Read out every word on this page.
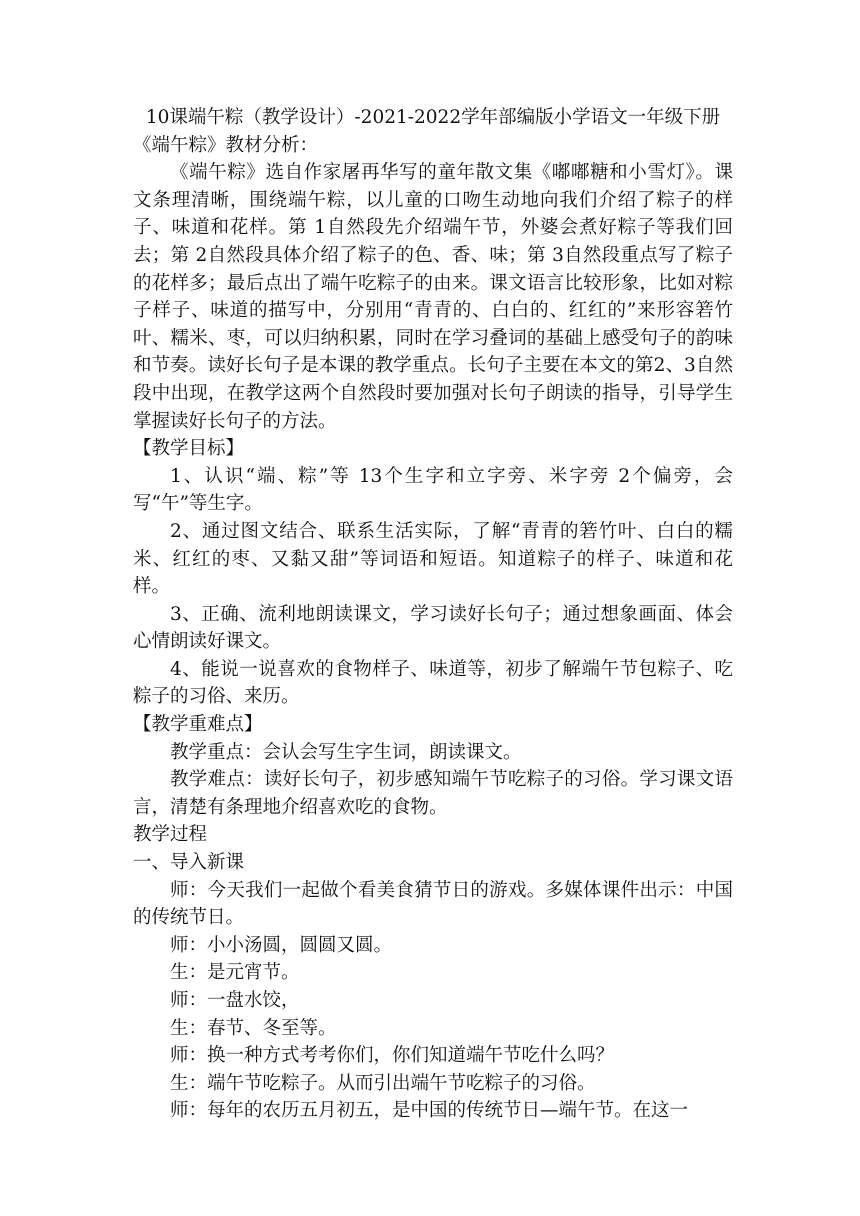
10课端午粽（教学设计）-2021-2022学年部编版小学语文一年级下册

《端午粽》教材分析：

《端午粽》选自作家屠再华写的童年散文集《嘟嘟糖和小雪灯》。课文条理清晰，围绕端午粽，以儿童的口吻生动地向我们介绍了粽子的样子、味道和花样。第 1自然段先介绍端午节，外婆会煮好粽子等我们回去；第 2自然段具体介绍了粽子的色、香、味；第 3自然段重点写了粽子的花样多；最后点出了端午吃粽子的由来。课文语言比较形象，比如对粽子样子、味道的描写中，分别用“青青的、白白的、红红的”来形容箬竹叶、糯米、枣，可以归纳积累，同时在学习叠词的基础上感受句子的韵味和节奏。读好长句子是本课的教学重点。长句子主要在本文的第2、3自然段中出现，在教学这两个自然段时要加强对长句子朗读的指导，引导学生掌握读好长句子的方法。

【教学目标】

1、认识“端、粽”等 13个生字和立字旁、米字旁 2个偏旁，会写“午”等生字。

2、通过图文结合、联系生活实际，了解“青青的箬竹叶、白白的糯米、红红的枣、又黏又甜”等词语和短语。知道粽子的样子、味道和花样。

3、正确、流利地朗读课文，学习读好长句子；通过想象画面、体会心情朗读好课文。

4、能说一说喜欢的食物样子、味道等，初步了解端午节包粽子、吃粽子的习俗、来历。

【教学重难点】

教学重点：会认会写生字生词，朗读课文。

教学难点：读好长句子，初步感知端午节吃粽子的习俗。学习课文语言，清楚有条理地介绍喜欢吃的食物。

教学过程

一、导入新课

师：今天我们一起做个看美食猜节日的游戏。多媒体课件出示：中国的传统节日。

师：小小汤圆，圆圆又圆。

生：是元宵节。

师：一盘水饺，

生：春节、冬至等。

师：换一种方式考考你们，你们知道端午节吃什么吗？

生：端午节吃粽子。从而引出端午节吃粽子的习俗。

师：每年的农历五月初五，是中国的传统节日—端午节。在这一
